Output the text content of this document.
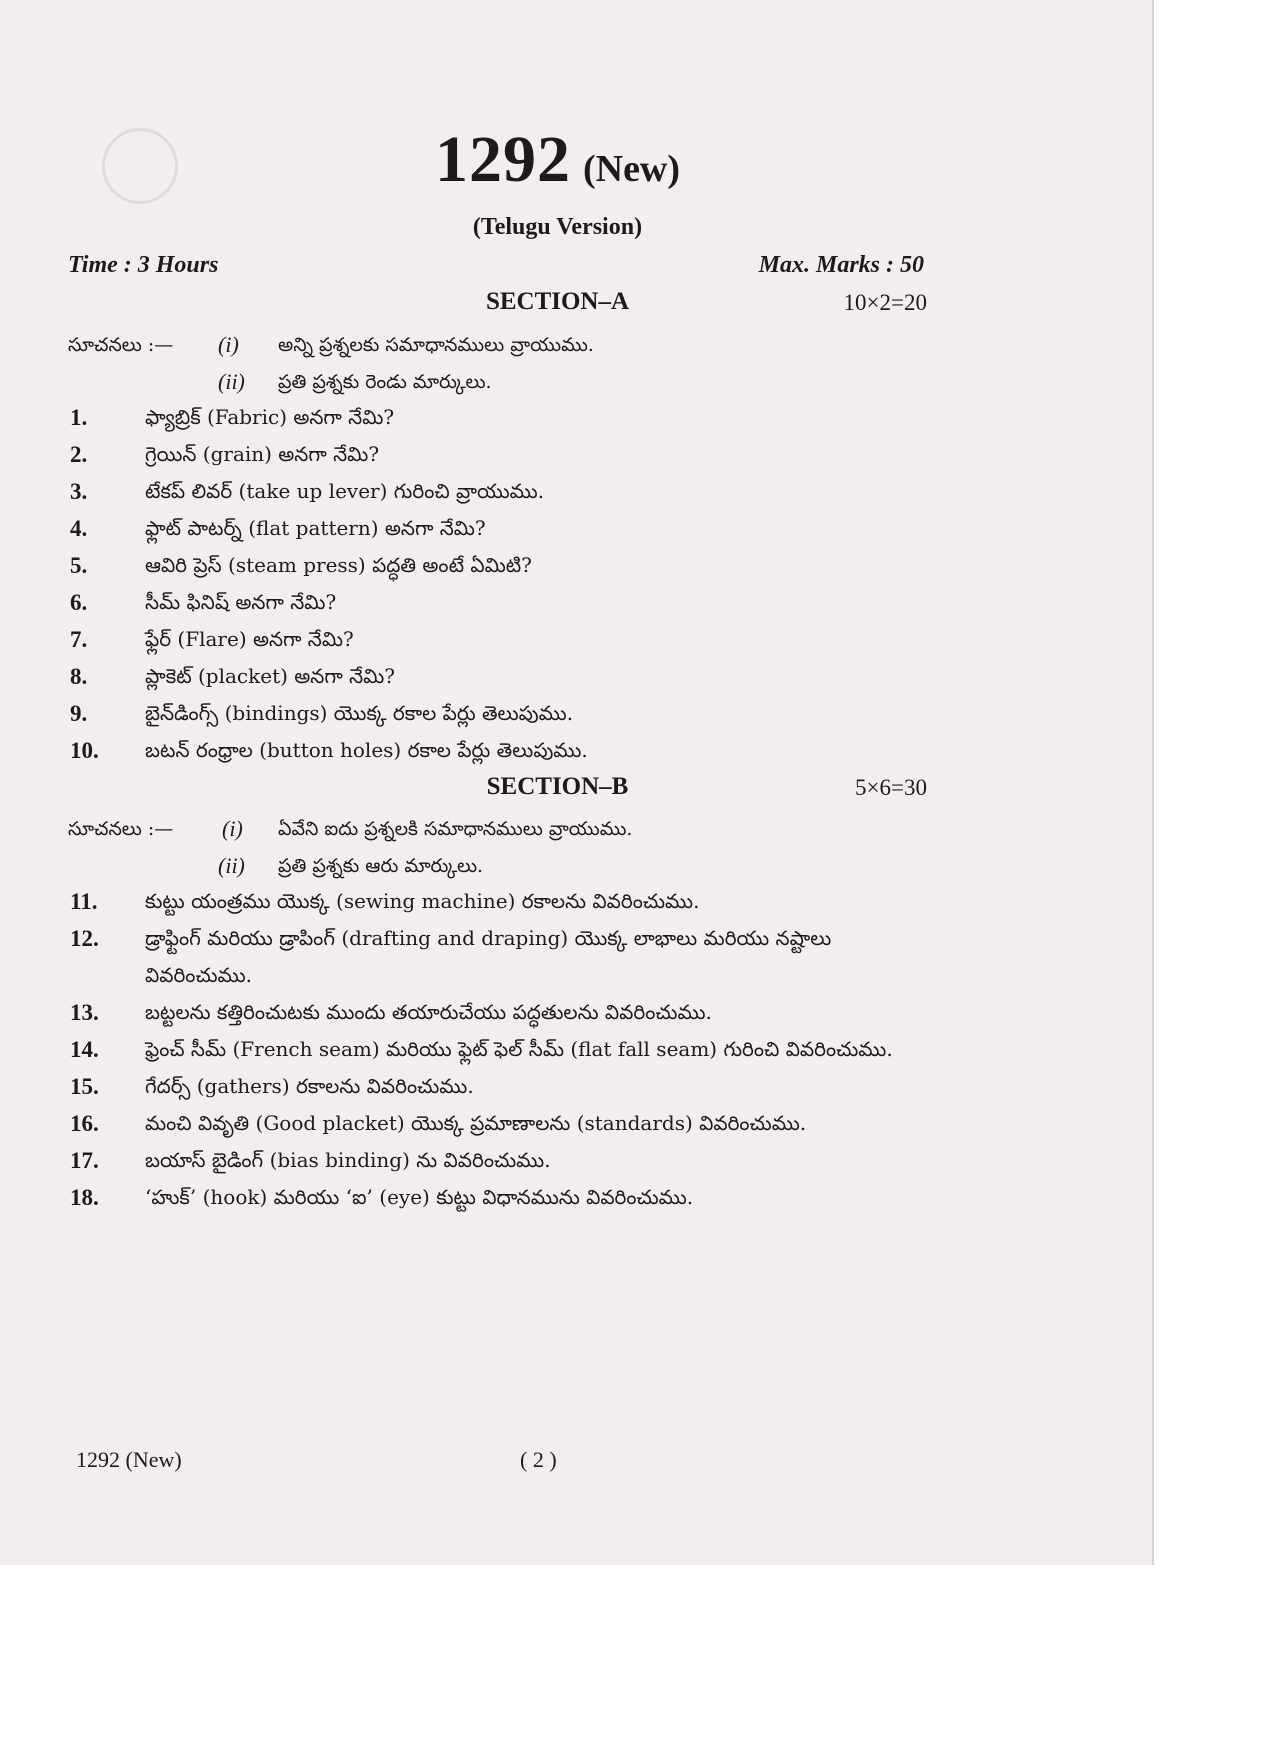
1292 (New)
(Telugu Version)
Time : 3 Hours	Max. Marks : 50
SECTION–A	10×2=20
సూచనలు :— (i) అన్ని ప్రశ్నలకు సమాధానములు వ్రాయుము.
(ii) ప్రతి ప్రశ్నకు రెండు మార్కులు.
1.	ఫ్యాబ్రిక్ (Fabric) అనగా నేమి?
2.	గ్రెయిన్ (grain) అనగా నేమి?
3.	టేకప్ లివర్ (take up lever) గురించి వ్రాయుము.
4.	ఫ్లాట్ పాటర్న్ (flat pattern) అనగా నేమి?
5.	ఆవిరి ప్రెస్ (steam press) పద్ధతి అంటే ఏమిటి?
6.	సీమ్ ఫినిష్ అనగా నేమి?
7.	ఫ్లేర్ (Flare) అనగా నేమి?
8.	ప్లాకెట్ (placket) అనగా నేమి?
9.	బైన్‌డింగ్స్ (bindings) యొక్క రకాల పేర్లు తెలుపుము.
10. బటన్ రంధ్రాల (button holes) రకాల పేర్లు తెలుపుము.
SECTION–B	5×6=30
సూచనలు :— (i) ఏవేని ఐదు ప్రశ్నలకి సమాధానములు వ్రాయుము.
(ii) ప్రతి ప్రశ్నకు ఆరు మార్కులు.
11. కుట్టు యంత్రము యొక్క (sewing machine) రకాలను వివరించుము.
12. డ్రాఫ్టింగ్ మరియు డ్రాపింగ్ (drafting and draping) యొక్క లాభాలు మరియు నష్టాలు
వివరించుము.
13. బట్టలను కత్తిరించుటకు ముందు తయారుచేయు పద్ధతులను వివరించుము.
14. ఫ్రెంచ్ సీమ్ (French seam) మరియు ఫ్లెట్ ఫెల్ సీమ్ (flat fall seam) గురించి వివరించుము.
15. గేదర్స్ (gathers) రకాలను వివరించుము.
16. మంచి వివృతి (Good placket) యొక్క ప్రమాణాలను (standards) వివరించుము.
17. బయాస్ బైడింగ్ (bias binding) ను వివరించుము.
18. ‘హుక్’ (hook) మరియు ‘ఐ’ (eye) కుట్టు విధానమును వివరించుము.
1292 (New)	( 2 )
